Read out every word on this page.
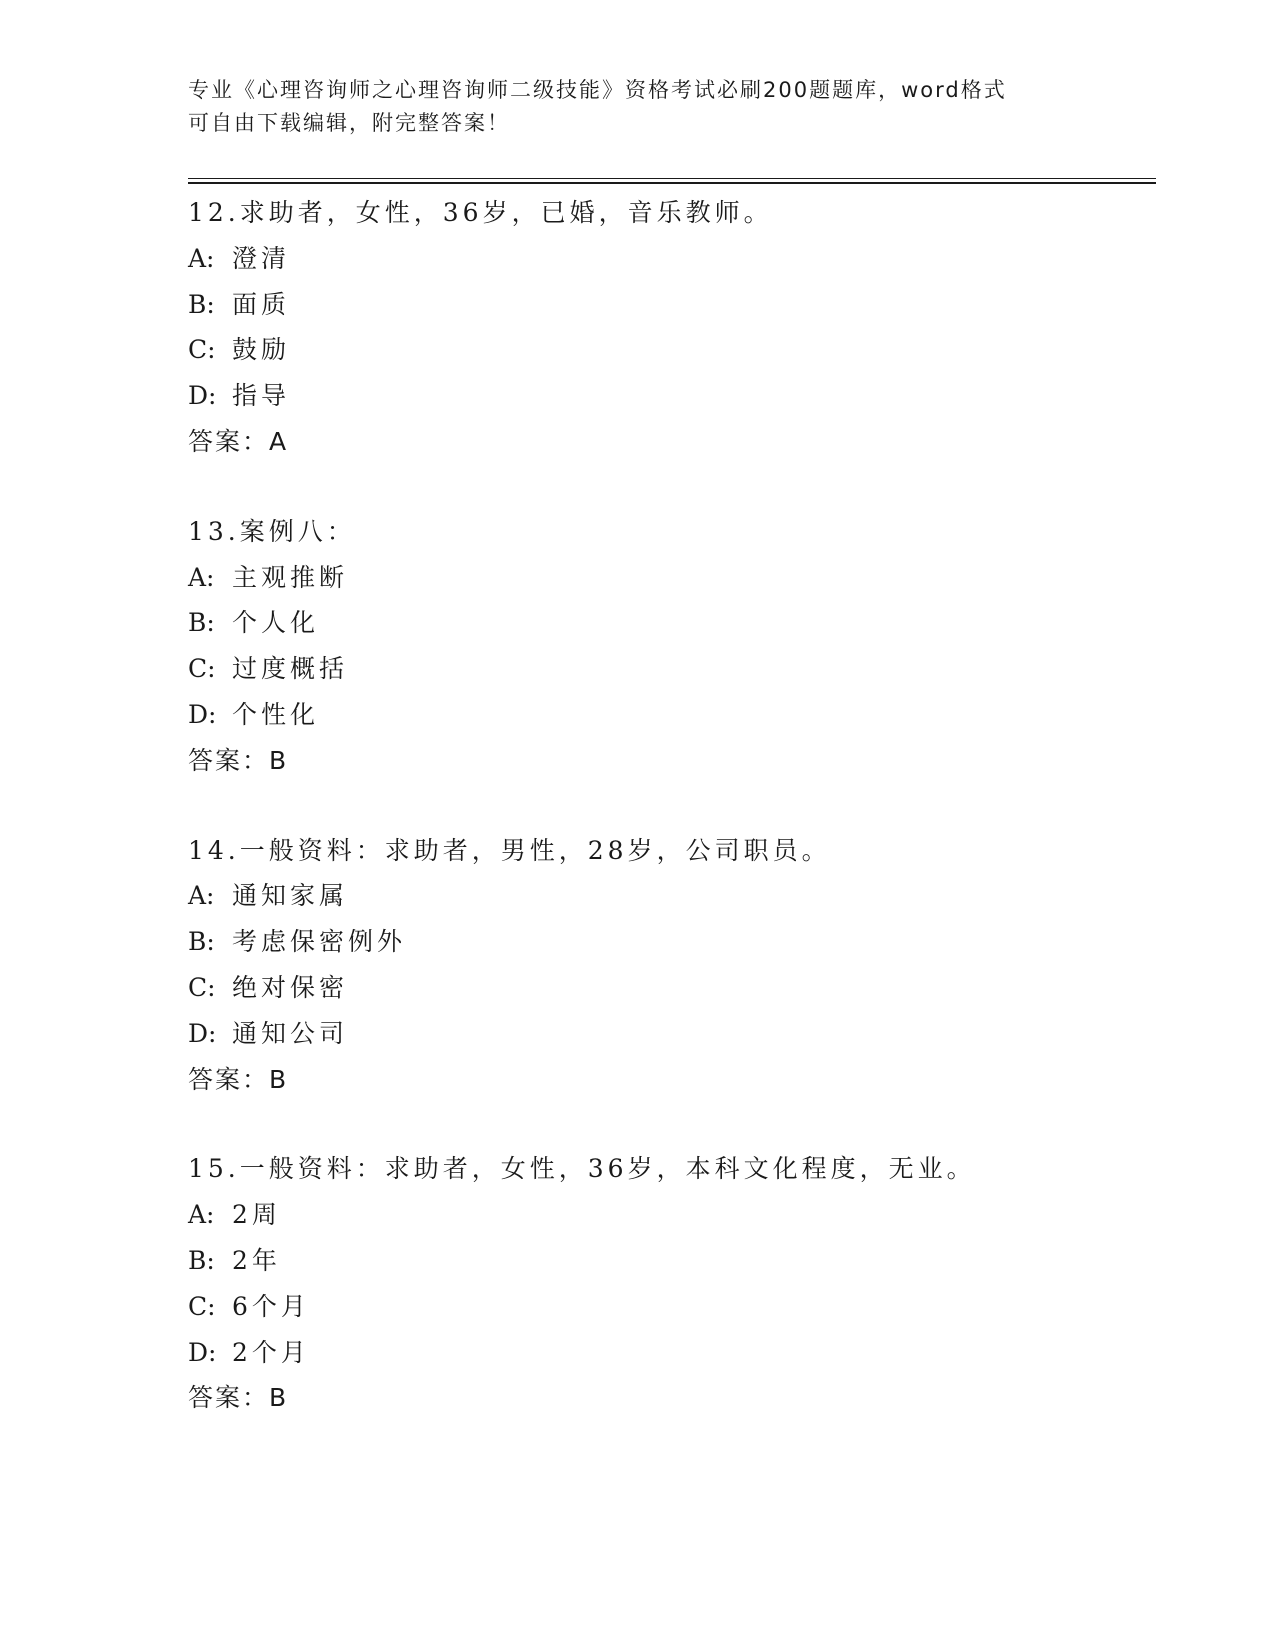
专业《心理咨询师之心理咨询师二级技能》资格考试必刷200题题库，word格式
可自由下载编辑，附完整答案！
12.求助者，女性，36岁，已婚，音乐教师。
A: 澄清
B: 面质
C: 鼓励
D: 指导
答案：A
13.案例八：
A: 主观推断
B: 个人化
C: 过度概括
D: 个性化
答案：B
14.一般资料：求助者，男性，28岁，公司职员。
A: 通知家属
B: 考虑保密例外
C: 绝对保密
D: 通知公司
答案：B
15.一般资料：求助者，女性，36岁，本科文化程度，无业。
A: 2周
B: 2年
C: 6个月
D: 2个月
答案：B
